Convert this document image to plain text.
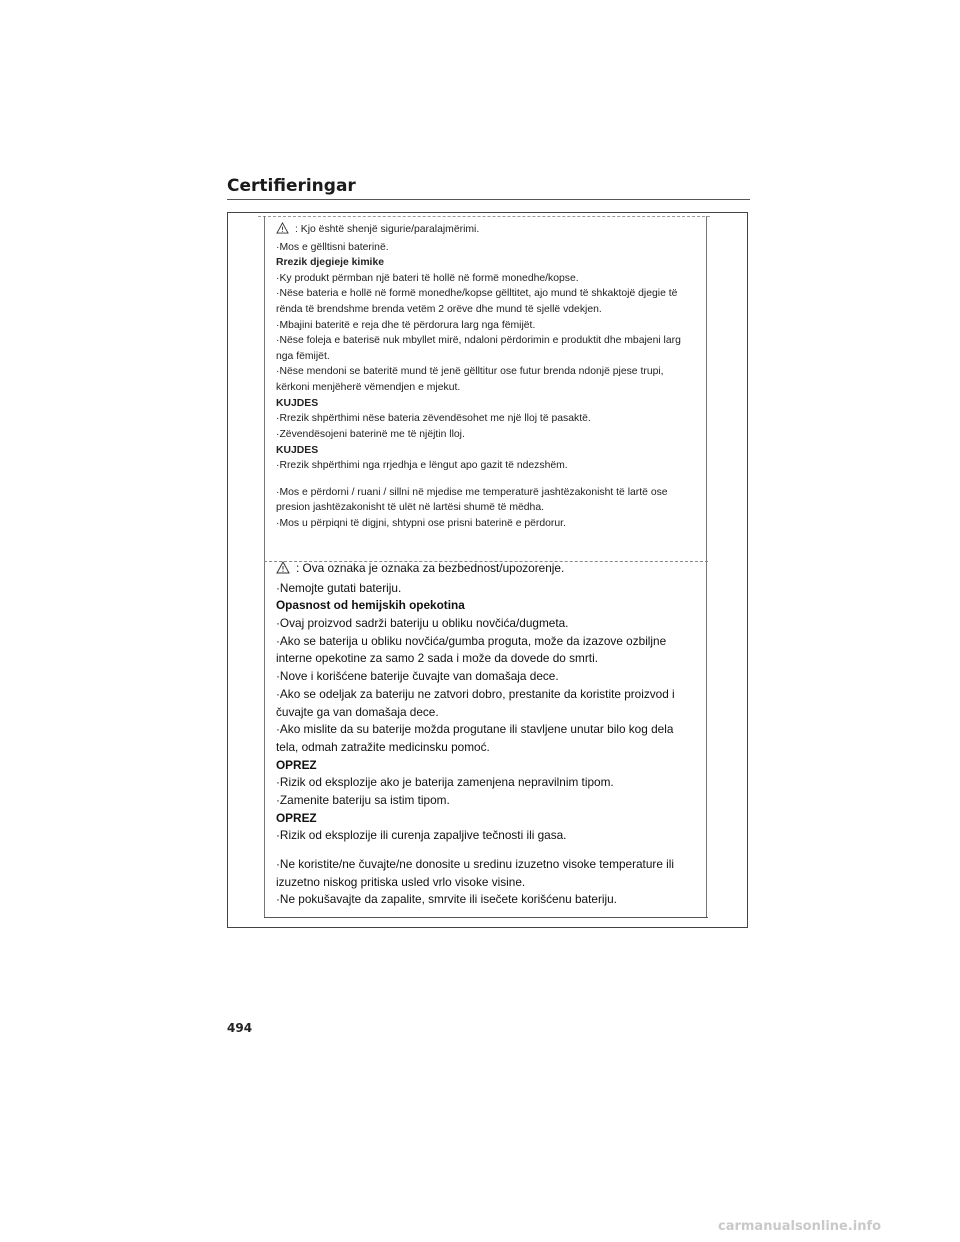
Certifieringar

: Kjo është shenjë sigurie/paralajmërimi.

·Mos e gëlltisni baterinë.

Rrezik djegieje kimike

·Ky produkt përmban një bateri të hollë në formë monedhe/kopse.

·Nëse bateria e hollë në formë monedhe/kopse gëlltitet, ajo mund të shkaktojë djegie të rënda të brendshme brenda vetëm 2 orëve dhe mund të sjellë vdekjen.

·Mbajini bateritë e reja dhe të përdorura larg nga fëmijët.

·Nëse foleja e baterisë nuk mbyllet mirë, ndaloni përdorimin e produktit dhe mbajeni larg nga fëmijët.

·Nëse mendoni se bateritë mund të jenë gëlltitur ose futur brenda ndonjë pjese trupi, kërkoni menjëherë vëmendjen e mjekut.

KUJDES

·Rrezik shpërthimi nëse bateria zëvendësohet me një lloj të pasaktë.

·Zëvendësojeni baterinë me të njëjtin lloj.

KUJDES

·Rrezik shpërthimi nga rrjedhja e lëngut apo gazit të ndezshëm.

·Mos e përdorni / ruani / sillni në mjedise me temperaturë jashtëzakonisht të lartë ose presion jashtëzakonisht të ulët në lartësi shumë të mëdha.

·Mos u përpiqni të digjni, shtypni ose prisni baterinë e përdorur.

: Ova oznaka je oznaka za bezbednost/upozorenje.

·Nemojte gutati bateriju.

Opasnost od hemijskih opekotina

·Ovaj proizvod sadrži bateriju u obliku novčića/dugmeta.

·Ako se baterija u obliku novčića/gumba proguta, može da izazove ozbiljne interne opekotine za samo 2 sada i može da dovede do smrti.

·Nove i korišćene baterije čuvajte van domašaja dece.

·Ako se odeljak za bateriju ne zatvori dobro, prestanite da koristite proizvod i čuvajte ga van domašaja dece.

·Ako mislite da su baterije možda progutane ili stavljene unutar bilo kog dela tela, odmah zatražite medicinsku pomoć.

OPREZ

·Rizik od eksplozije ako je baterija zamenjena nepravilnim tipom.

·Zamenite bateriju sa istim tipom.

OPREZ

·Rizik od eksplozije ili curenja zapaljive tečnosti ili gasa.

·Ne koristite/ne čuvajte/ne donosite u sredinu izuzetno visoke temperature ili izuzetno niskog pritiska usled vrlo visoke visine.

·Ne pokušavajte da zapalite, smrvite ili isečete korišćenu bateriju.

494
carmanualsonline.info
